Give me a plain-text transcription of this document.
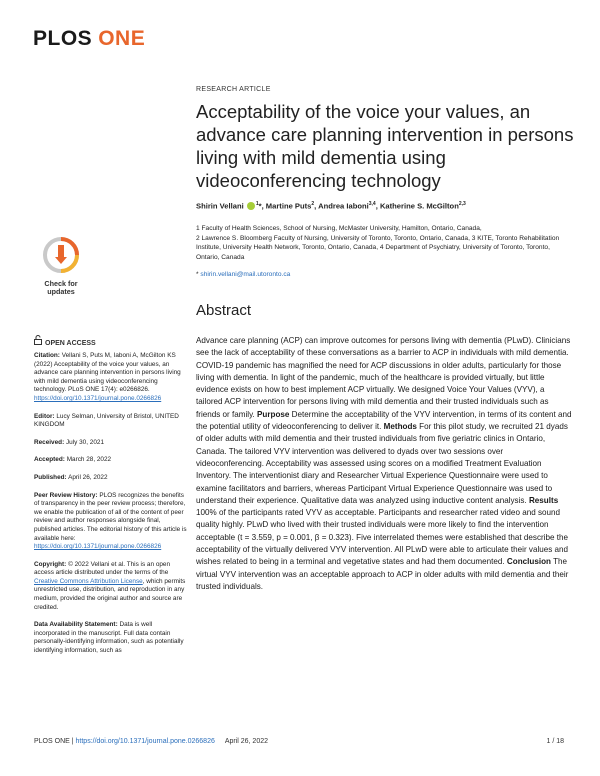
PLOS ONE
RESEARCH ARTICLE
Acceptability of the voice your values, an advance care planning intervention in persons living with mild dementia using videoconferencing technology
Shirin Vellani $^1$*, Martine Puts$^2$, Andrea Iaboni$^{3,4}$, Katherine S. McGilton$^{2,3}$
1 Faculty of Health Sciences, School of Nursing, McMaster University, Hamilton, Ontario, Canada,
2 Lawrence S. Bloomberg Faculty of Nursing, University of Toronto, Toronto, Ontario, Canada, 3 KITE, Toronto Rehabilitation Institute, University Health Network, Toronto, Ontario, Canada, 4 Department of Psychiatry, University of Toronto, Toronto, Ontario, Canada
* shirin.vellani@mail.utoronto.ca
Check for
updates
OPEN ACCESS

Citation: Vellani S, Puts M, Iaboni A, McGilton KS (2022) Acceptability of the voice your values, an advance care planning intervention in persons living with mild dementia using videoconferencing technology. PLoS ONE 17(4): e0266826. https://doi.org/10.1371/journal.pone.0266826

Editor: Lucy Selman, University of Bristol, UNITED KINGDOM

Received: July 30, 2021

Accepted: March 28, 2022

Published: April 26, 2022

Peer Review History: PLOS recognizes the benefits of transparency in the peer review process; therefore, we enable the publication of all of the content of peer review and author responses alongside final, published articles. The editorial history of this article is available here: https://doi.org/10.1371/journal.pone.0266826

Copyright: © 2022 Vellani et al. This is an open access article distributed under the terms of the Creative Commons Attribution License, which permits unrestricted use, distribution, and reproduction in any medium, provided the original author and source are credited.

Data Availability Statement: Data is well incorporated in the manuscript. Full data contain personally-identifying information, such as potentially identifying information, such as

Abstract
Advance care planning (ACP) can improve outcomes for persons living with dementia (PLwD). Clinicians see the lack of acceptability of these conversations as a barrier to ACP in individuals with mild dementia. COVID-19 pandemic has magnified the need for ACP discussions in older adults, particularly for those living with dementia. In light of the pandemic, much of the healthcare is provided virtually, but little evidence exists on how to best implement ACP virtually. We designed Voice Your Values (VYV), a tailored ACP intervention for persons living with mild dementia and their trusted individuals such as friends or family. Purpose Determine the acceptability of the VYV intervention, in terms of its content and the potential utility of videoconferencing to deliver it. Methods For this pilot study, we recruited 21 dyads of older adults with mild dementia and their trusted individuals from five geriatric clinics in Ontario, Canada. The tailored VYV intervention was delivered to dyads over two sessions over videoconferencing. Acceptability was assessed using scores on a modified Treatment Evaluation Inventory. The interventionist diary and Researcher Virtual Experience Questionnaire were used to examine facilitators and barriers, whereas Participant Virtual Experience Questionnaire was used to understand their experience. Qualitative data was analyzed using inductive content analysis. Results 100% of the participants rated VYV as acceptable. Participants and researcher rated video and sound quality highly. PLwD who lived with their trusted individuals were more likely to find the intervention acceptable (t = 3.559, p = 0.001, β = 0.323). Five interrelated themes were established that describe the acceptability of the virtually delivered VYV intervention. All PLwD were able to articulate their values and wishes related to being in a terminal and vegetative states and had them documented. Conclusion The virtual VYV intervention was an acceptable approach to ACP in older adults with mild dementia and their trusted individuals.
PLOS ONE | https://doi.org/10.1371/journal.pone.0266826 April 26, 2022	1 / 18
